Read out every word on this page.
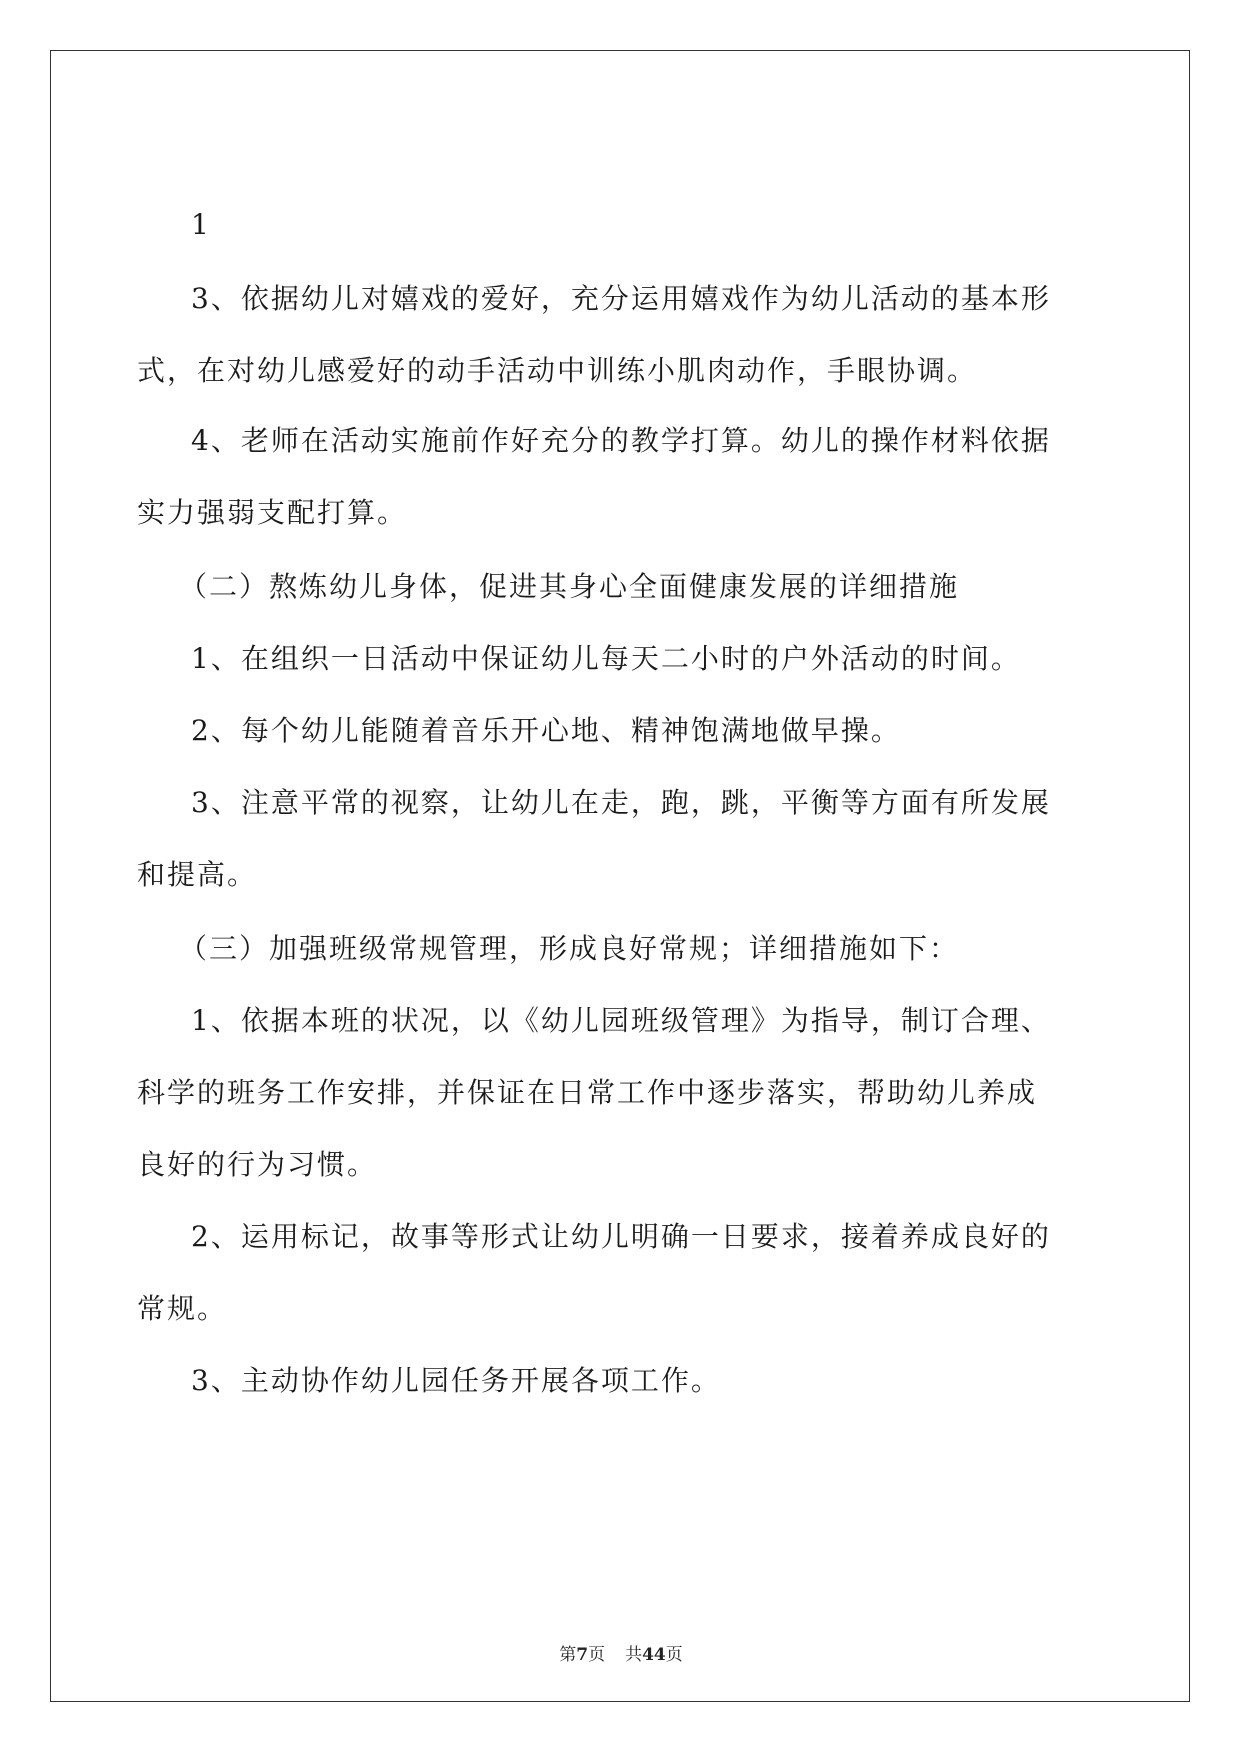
1
3、依据幼儿对嬉戏的爱好，充分运用嬉戏作为幼儿活动的基本形
式，在对幼儿感爱好的动手活动中训练小肌肉动作，手眼协调。
4、老师在活动实施前作好充分的教学打算。幼儿的操作材料依据
实力强弱支配打算。
（二）熬炼幼儿身体，促进其身心全面健康发展的详细措施
1、在组织一日活动中保证幼儿每天二小时的户外活动的时间。
2、每个幼儿能随着音乐开心地、精神饱满地做早操。
3、注意平常的视察，让幼儿在走，跑，跳，平衡等方面有所发展
和提高。
（三）加强班级常规管理，形成良好常规；详细措施如下：
1、依据本班的状况，以《幼儿园班级管理》为指导，制订合理、
科学的班务工作安排，并保证在日常工作中逐步落实，帮助幼儿养成
良好的行为习惯。
2、运用标记，故事等形式让幼儿明确一日要求，接着养成良好的
常规。
3、主动协作幼儿园任务开展各项工作。
第7页 共44页
